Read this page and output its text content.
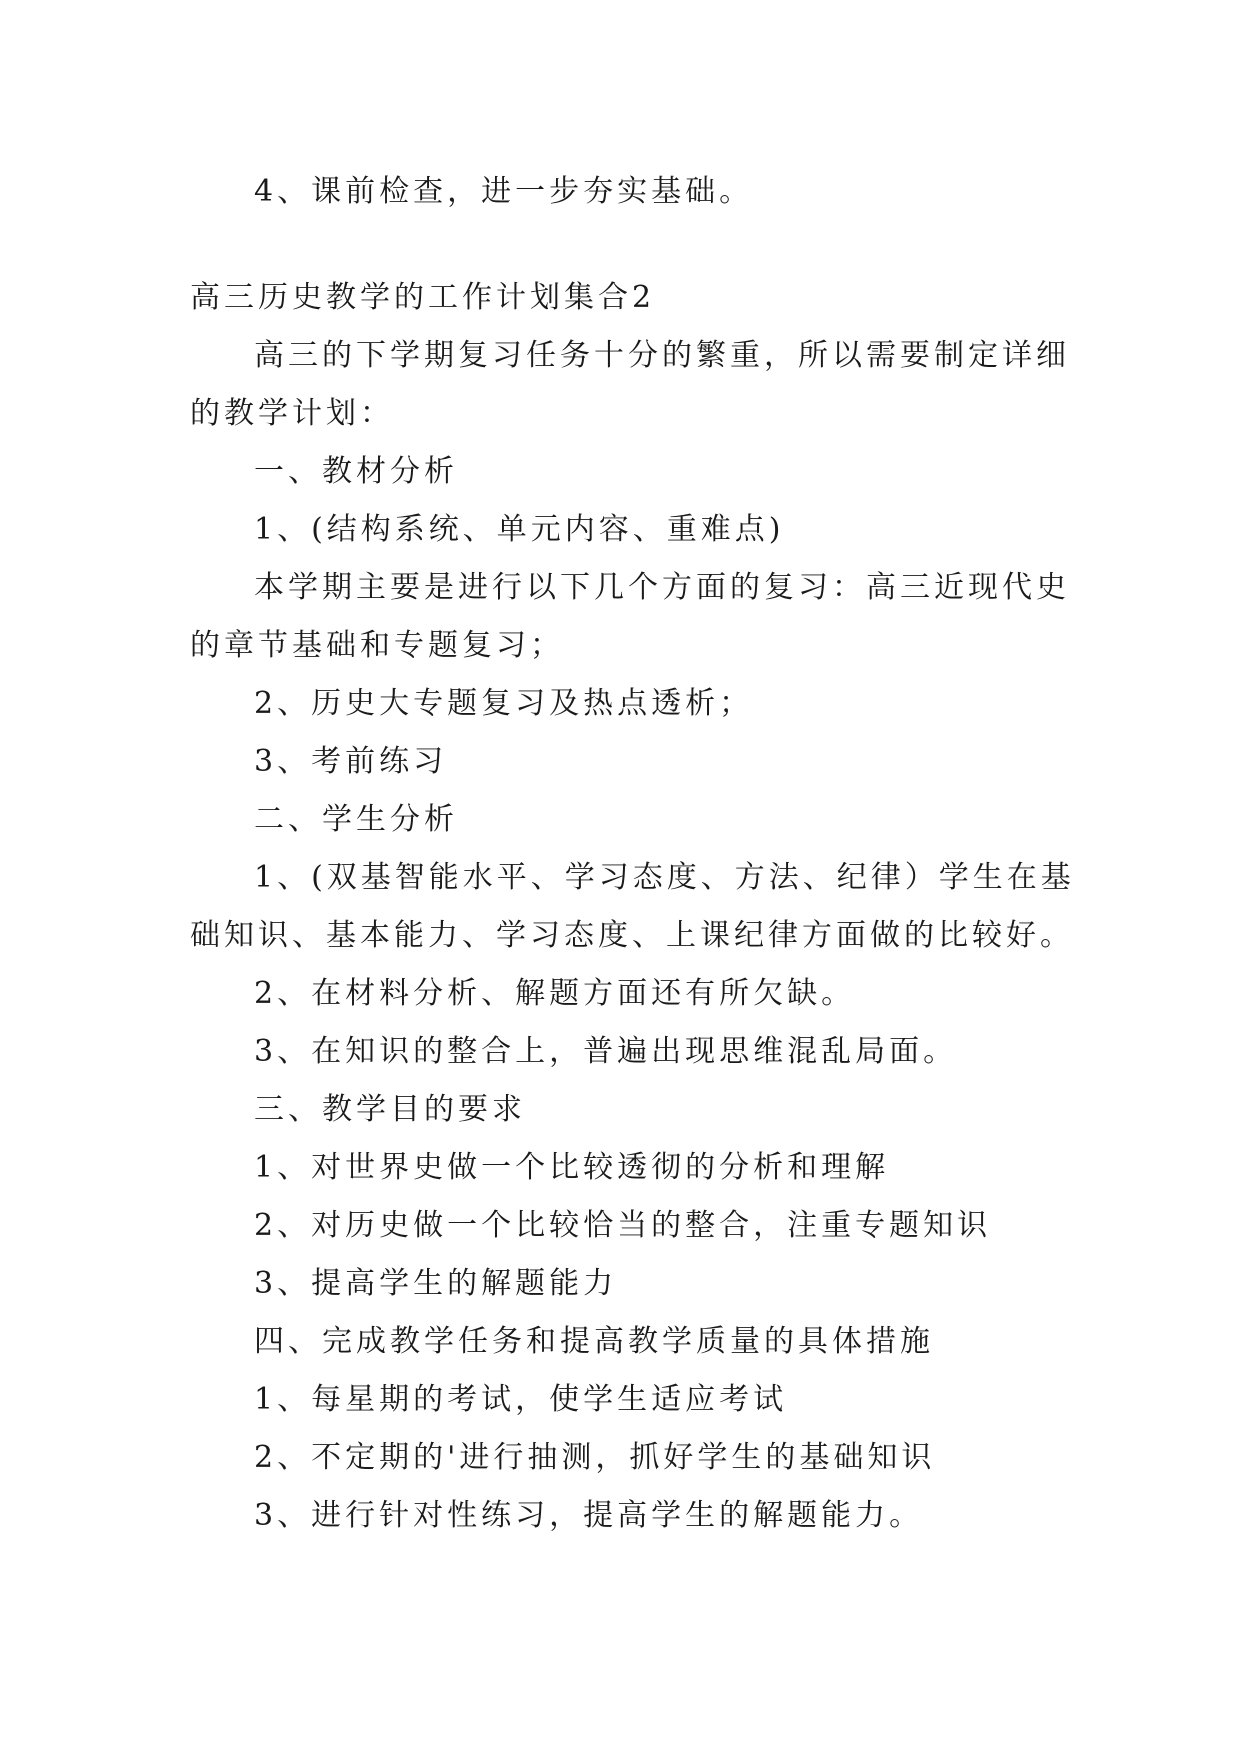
4、课前检查，进一步夯实基础。
高三历史教学的工作计划集合2
高三的下学期复习任务十分的繁重，所以需要制定详细
的教学计划：
一、教材分析
1、(结构系统、单元内容、重难点)
本学期主要是进行以下几个方面的复习：高三近现代史
的章节基础和专题复习；
2、历史大专题复习及热点透析；
3、考前练习
二、学生分析
1、(双基智能水平、学习态度、方法、纪律）学生在基
础知识、基本能力、学习态度、上课纪律方面做的比较好。
2、在材料分析、解题方面还有所欠缺。
3、在知识的整合上，普遍出现思维混乱局面。
三、教学目的要求
1、对世界史做一个比较透彻的分析和理解
2、对历史做一个比较恰当的整合，注重专题知识
3、提高学生的解题能力
四、完成教学任务和提高教学质量的具体措施
1、每星期的考试，使学生适应考试
2、不定期的'进行抽测，抓好学生的基础知识
3、进行针对性练习，提高学生的解题能力。
